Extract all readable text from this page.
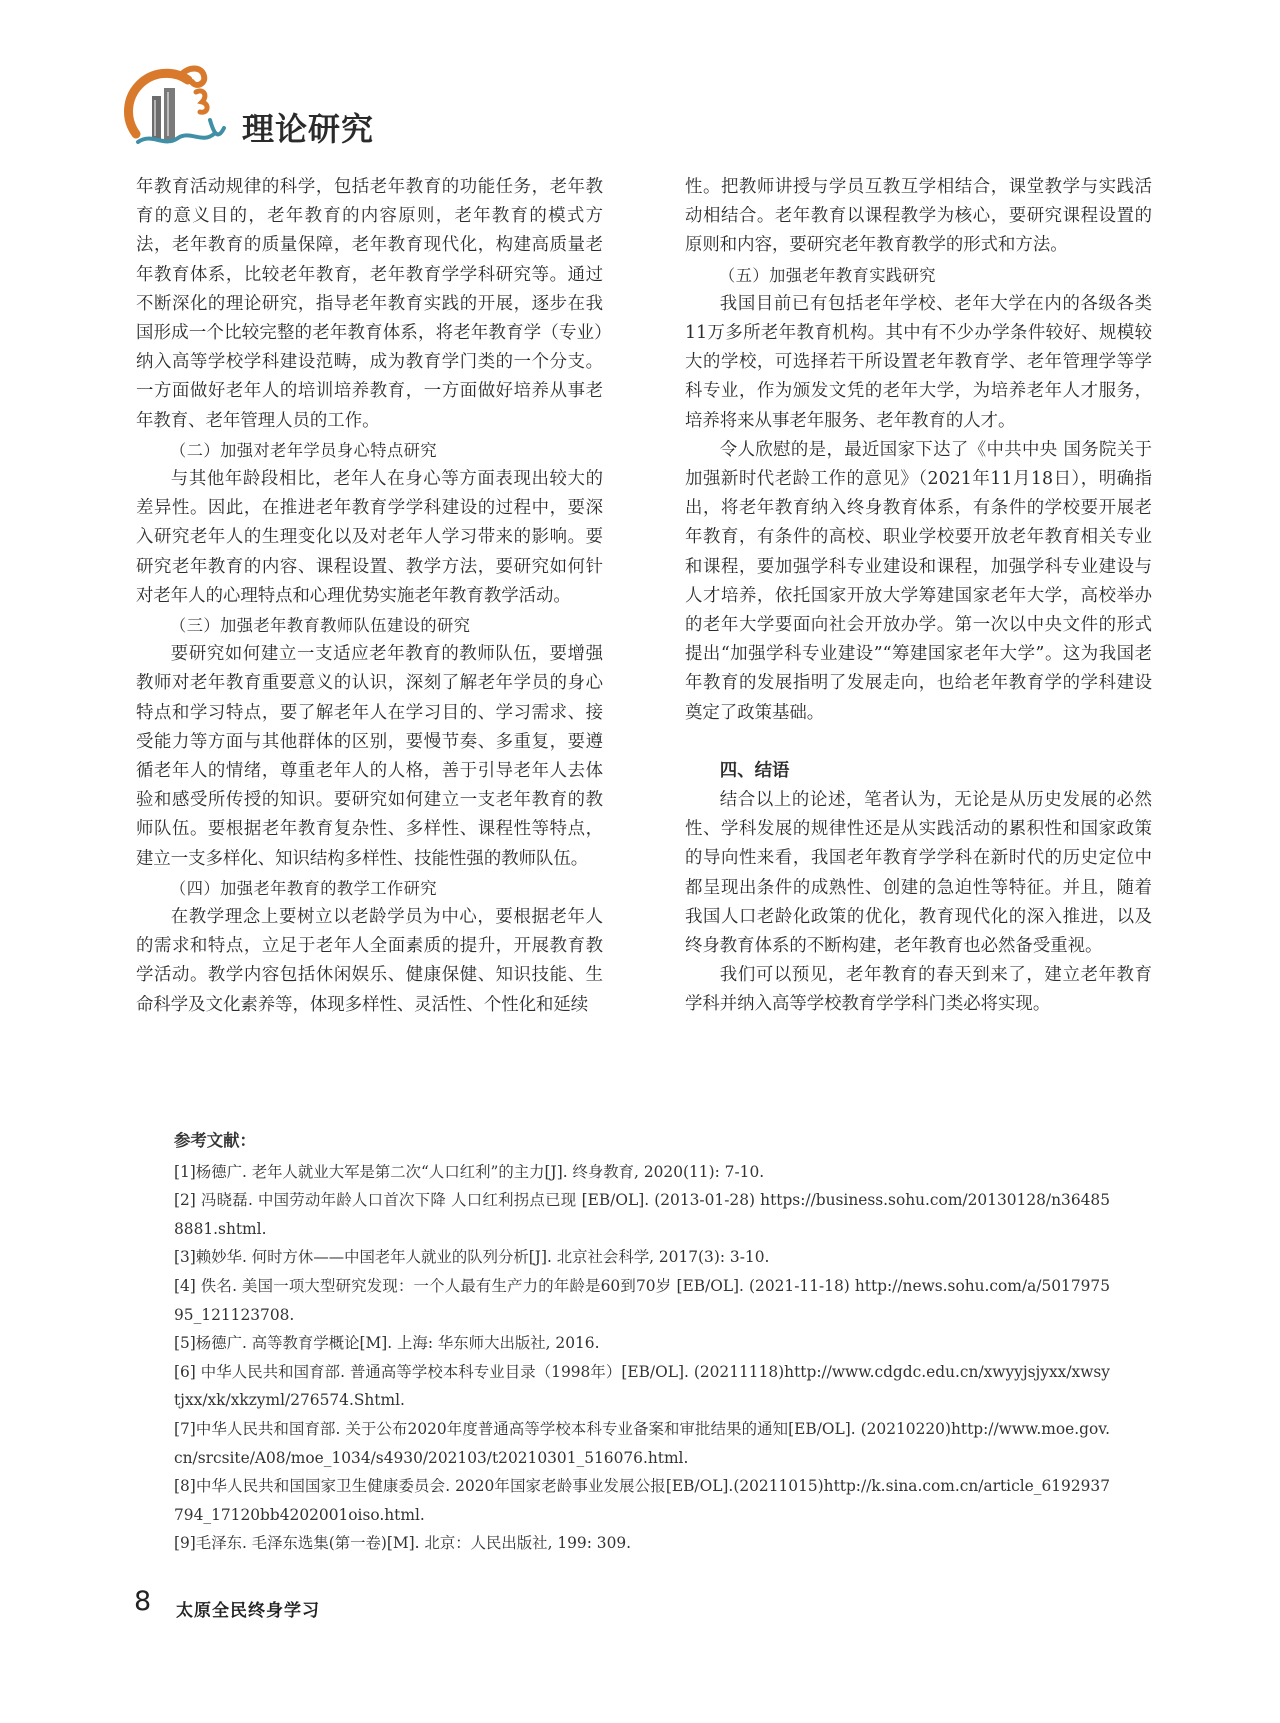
理论研究

年教育活动规律的科学，包括老年教育的功能任务，老年教育的意义目的，老年教育的内容原则，老年教育的模式方法，老年教育的质量保障，老年教育现代化，构建高质量老年教育体系，比较老年教育，老年教育学学科研究等。通过不断深化的理论研究，指导老年教育实践的开展，逐步在我国形成一个比较完整的老年教育体系，将老年教育学（专业）纳入高等学校学科建设范畴，成为教育学门类的一个分支。一方面做好老年人的培训培养教育，一方面做好培养从事老年教育、老年管理人员的工作。

（二）加强对老年学员身心特点研究

与其他年龄段相比，老年人在身心等方面表现出较大的差异性。因此，在推进老年教育学学科建设的过程中，要深入研究老年人的生理变化以及对老年人学习带来的影响。要研究老年教育的内容、课程设置、教学方法，要研究如何针对老年人的心理特点和心理优势实施老年教育教学活动。

（三）加强老年教育教师队伍建设的研究

要研究如何建立一支适应老年教育的教师队伍，要增强教师对老年教育重要意义的认识，深刻了解老年学员的身心特点和学习特点，要了解老年人在学习目的、学习需求、接受能力等方面与其他群体的区别，要慢节奏、多重复，要遵循老年人的情绪，尊重老年人的人格，善于引导老年人去体验和感受所传授的知识。要研究如何建立一支老年教育的教师队伍。要根据老年教育复杂性、多样性、课程性等特点，建立一支多样化、知识结构多样性、技能性强的教师队伍。

（四）加强老年教育的教学工作研究

在教学理念上要树立以老龄学员为中心，要根据老年人的需求和特点，立足于老年人全面素质的提升，开展教育教学活动。教学内容包括休闲娱乐、健康保健、知识技能、生命科学及文化素养等，体现多样性、灵活性、个性化和延续

性。把教师讲授与学员互教互学相结合，课堂教学与实践活动相结合。老年教育以课程教学为核心，要研究课程设置的原则和内容，要研究老年教育教学的形式和方法。

（五）加强老年教育实践研究

我国目前已有包括老年学校、老年大学在内的各级各类11万多所老年教育机构。其中有不少办学条件较好、规模较大的学校，可选择若干所设置老年教育学、老年管理学等学科专业，作为颁发文凭的老年大学，为培养老年人才服务，培养将来从事老年服务、老年教育的人才。

令人欣慰的是，最近国家下达了《中共中央 国务院关于加强新时代老龄工作的意见》（2021年11月18日），明确指出，将老年教育纳入终身教育体系，有条件的学校要开展老年教育，有条件的高校、职业学校要开放老年教育相关专业和课程，要加强学科专业建设和课程，加强学科专业建设与人才培养，依托国家开放大学筹建国家老年大学，高校举办的老年大学要面向社会开放办学。第一次以中央文件的形式提出“加强学科专业建设”“筹建国家老年大学”。这为我国老年教育的发展指明了发展走向，也给老年教育学的学科建设奠定了政策基础。

四、结语

结合以上的论述，笔者认为，无论是从历史发展的必然性、学科发展的规律性还是从实践活动的累积性和国家政策的导向性来看，我国老年教育学学科在新时代的历史定位中都呈现出条件的成熟性、创建的急迫性等特征。并且，随着我国人口老龄化政策的优化，教育现代化的深入推进，以及终身教育体系的不断构建，老年教育也必然备受重视。

我们可以预见，老年教育的春天到来了，建立老年教育学科并纳入高等学校教育学学科门类必将实现。

参考文献：
[1]杨德广. 老年人就业大军是第二次“人口红利”的主力[J]. 终身教育, 2020(11): 7-10.
[2] 冯晓磊. 中国劳动年龄人口首次下降 人口红利拐点已现 [EB/OL]. (2013-01-28) https://business.sohu.com/20130128/n364858881.shtml.
[3]赖妙华. 何时方休——中国老年人就业的队列分析[J]. 北京社会科学, 2017(3): 3-10.
[4] 佚名. 美国一项大型研究发现：一个人最有生产力的年龄是60到70岁 [EB/OL]. (2021-11-18) http://news.sohu.com/a/501797595_121123708.
[5]杨德广. 高等教育学概论[M]. 上海: 华东师大出版社, 2016.
[6] 中华人民共和国育部. 普通高等学校本科专业目录（1998年）[EB/OL]. (20211118)http://www.cdgdc.edu.cn/xwyyjsjyxx/xwsytjxx/xk/xkzyml/276574.Shtml.
[7]中华人民共和国育部. 关于公布2020年度普通高等学校本科专业备案和审批结果的通知[EB/OL]. (20210220)http://www.moe.gov.cn/srcsite/A08/moe_1034/s4930/202103/t20210301_516076.html.
[8]中华人民共和国国家卫生健康委员会. 2020年国家老龄事业发展公报[EB/OL].(20211015)http://k.sina.com.cn/article_6192937794_17120bb4202001oiso.html.
[9]毛泽东. 毛泽东选集(第一卷)[M]. 北京：人民出版社, 199: 309.
8 太原全民终身学习
